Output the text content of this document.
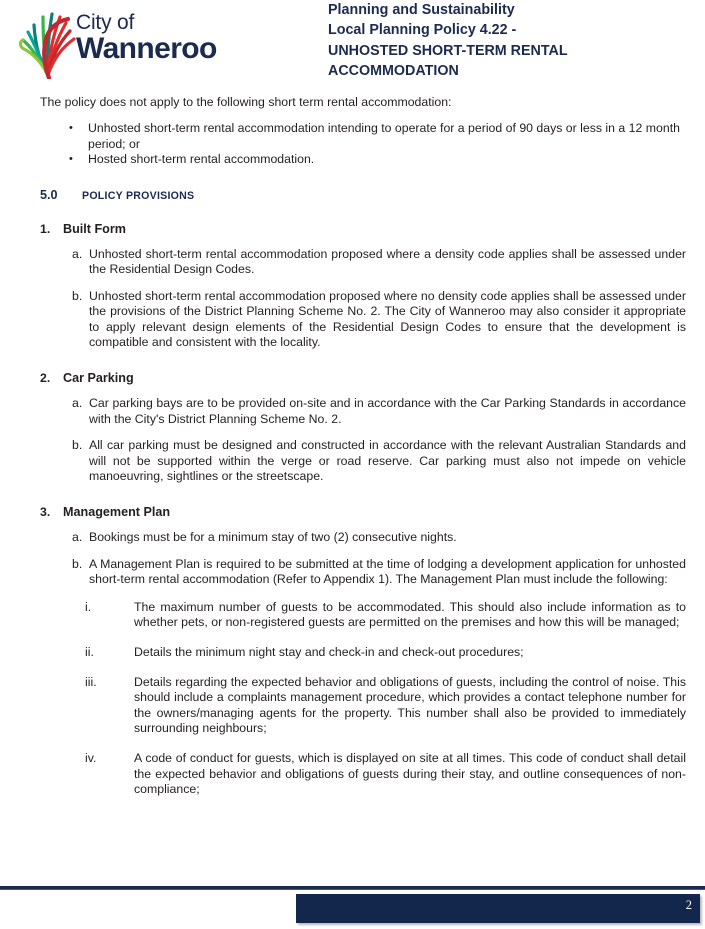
City of
Wanneroo
Planning and Sustainability
Local Planning Policy 4.22 -
UNHOSTED SHORT-TERM RENTAL
ACCOMMODATION

The policy does not apply to the following short term rental accommodation:

• Unhosted short-term rental accommodation intending to operate for a period of 90 days or less in a 12 month period; or
• Hosted short-term rental accommodation.
5.0	POLICY PROVISIONS
1.	Built Form
a. Unhosted short-term rental accommodation proposed where a density code applies shall be assessed under the Residential Design Codes.
b. Unhosted short-term rental accommodation proposed where no density code applies shall be assessed under the provisions of the District Planning Scheme No. 2. The City of Wanneroo may also consider it appropriate to apply relevant design elements of the Residential Design Codes to ensure that the development is compatible and consistent with the locality.
2.	Car Parking
a. Car parking bays are to be provided on-site and in accordance with the Car Parking Standards in accordance with the City's District Planning Scheme No. 2.
b. All car parking must be designed and constructed in accordance with the relevant Australian Standards and will not be supported within the verge or road reserve. Car parking must also not impede on vehicle manoeuvring, sightlines or the streetscape.
3.	Management Plan
a. Bookings must be for a minimum stay of two (2) consecutive nights.
b. A Management Plan is required to be submitted at the time of lodging a development application for unhosted short-term rental accommodation (Refer to Appendix 1). The Management Plan must include the following:
i.	The maximum number of guests to be accommodated. This should also include information as to whether pets, or non-registered guests are permitted on the premises and how this will be managed;
ii.	Details the minimum night stay and check-in and check-out procedures;
iii.	Details regarding the expected behavior and obligations of guests, including the control of noise. This should include a complaints management procedure, which provides a contact telephone number for the owners/managing agents for the property. This number shall also be provided to immediately surrounding neighbours;
iv.	A code of conduct for guests, which is displayed on site at all times. This code of conduct shall detail the expected behavior and obligations of guests during their stay, and outline consequences of non-compliance;
2
